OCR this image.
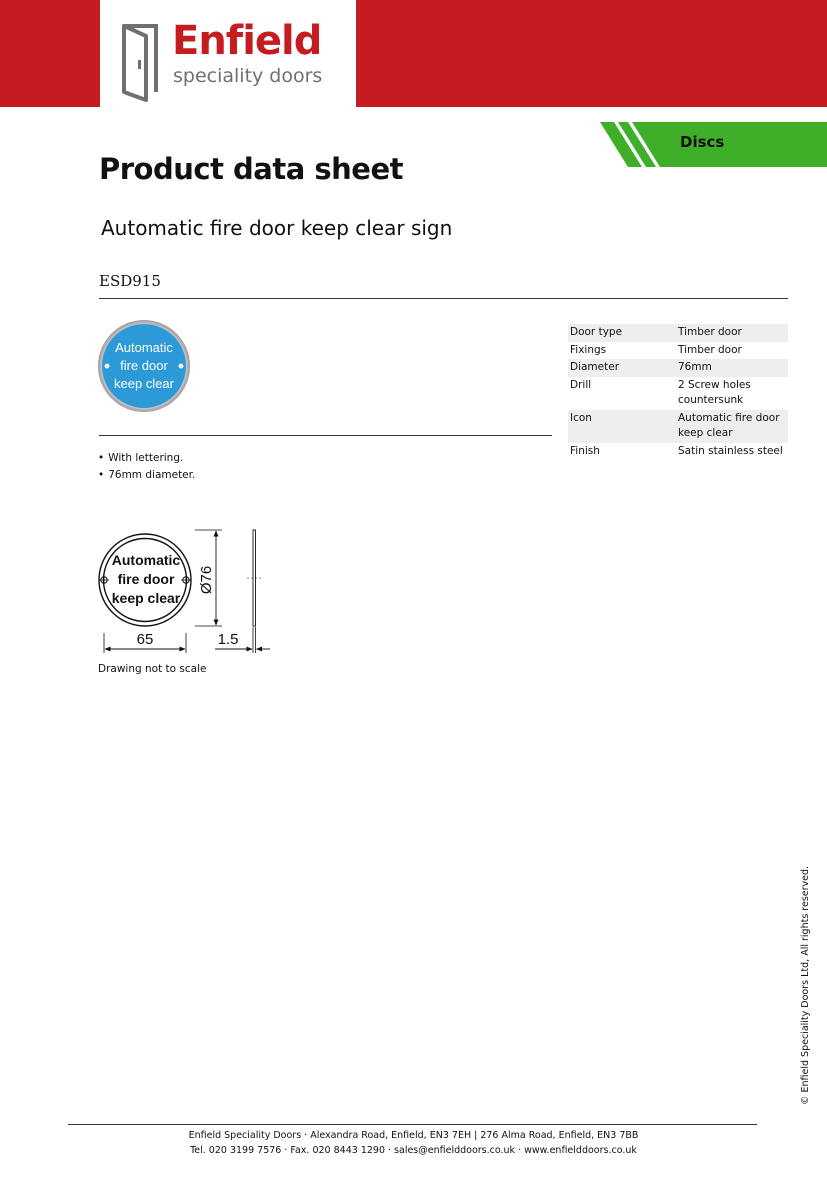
Enfield
speciality doors
Discs
Product data sheet
Automatic fire door keep clear sign
ESD915
Automatic
fire door
keep clear
• With lettering.
• 76mm diameter.
Door type	Timber door
Fixings	Timber door
Diameter	76mm
Drill	2 Screw holes countersunk
Icon	Automatic fire door keep clear
Finish	Satin stainless steel
Automatic
fire door
keep clear
Ø76
65	1.5
Drawing not to scale
© Enfield Speciality Doors Ltd, All rights reserved.
Enfield Speciality Doors · Alexandra Road, Enfield, EN3 7EH | 276 Alma Road, Enfield, EN3 7BB
Tel. 020 3199 7576 · Fax. 020 8443 1290 · sales@enfielddoors.co.uk · www.enfielddoors.co.uk
